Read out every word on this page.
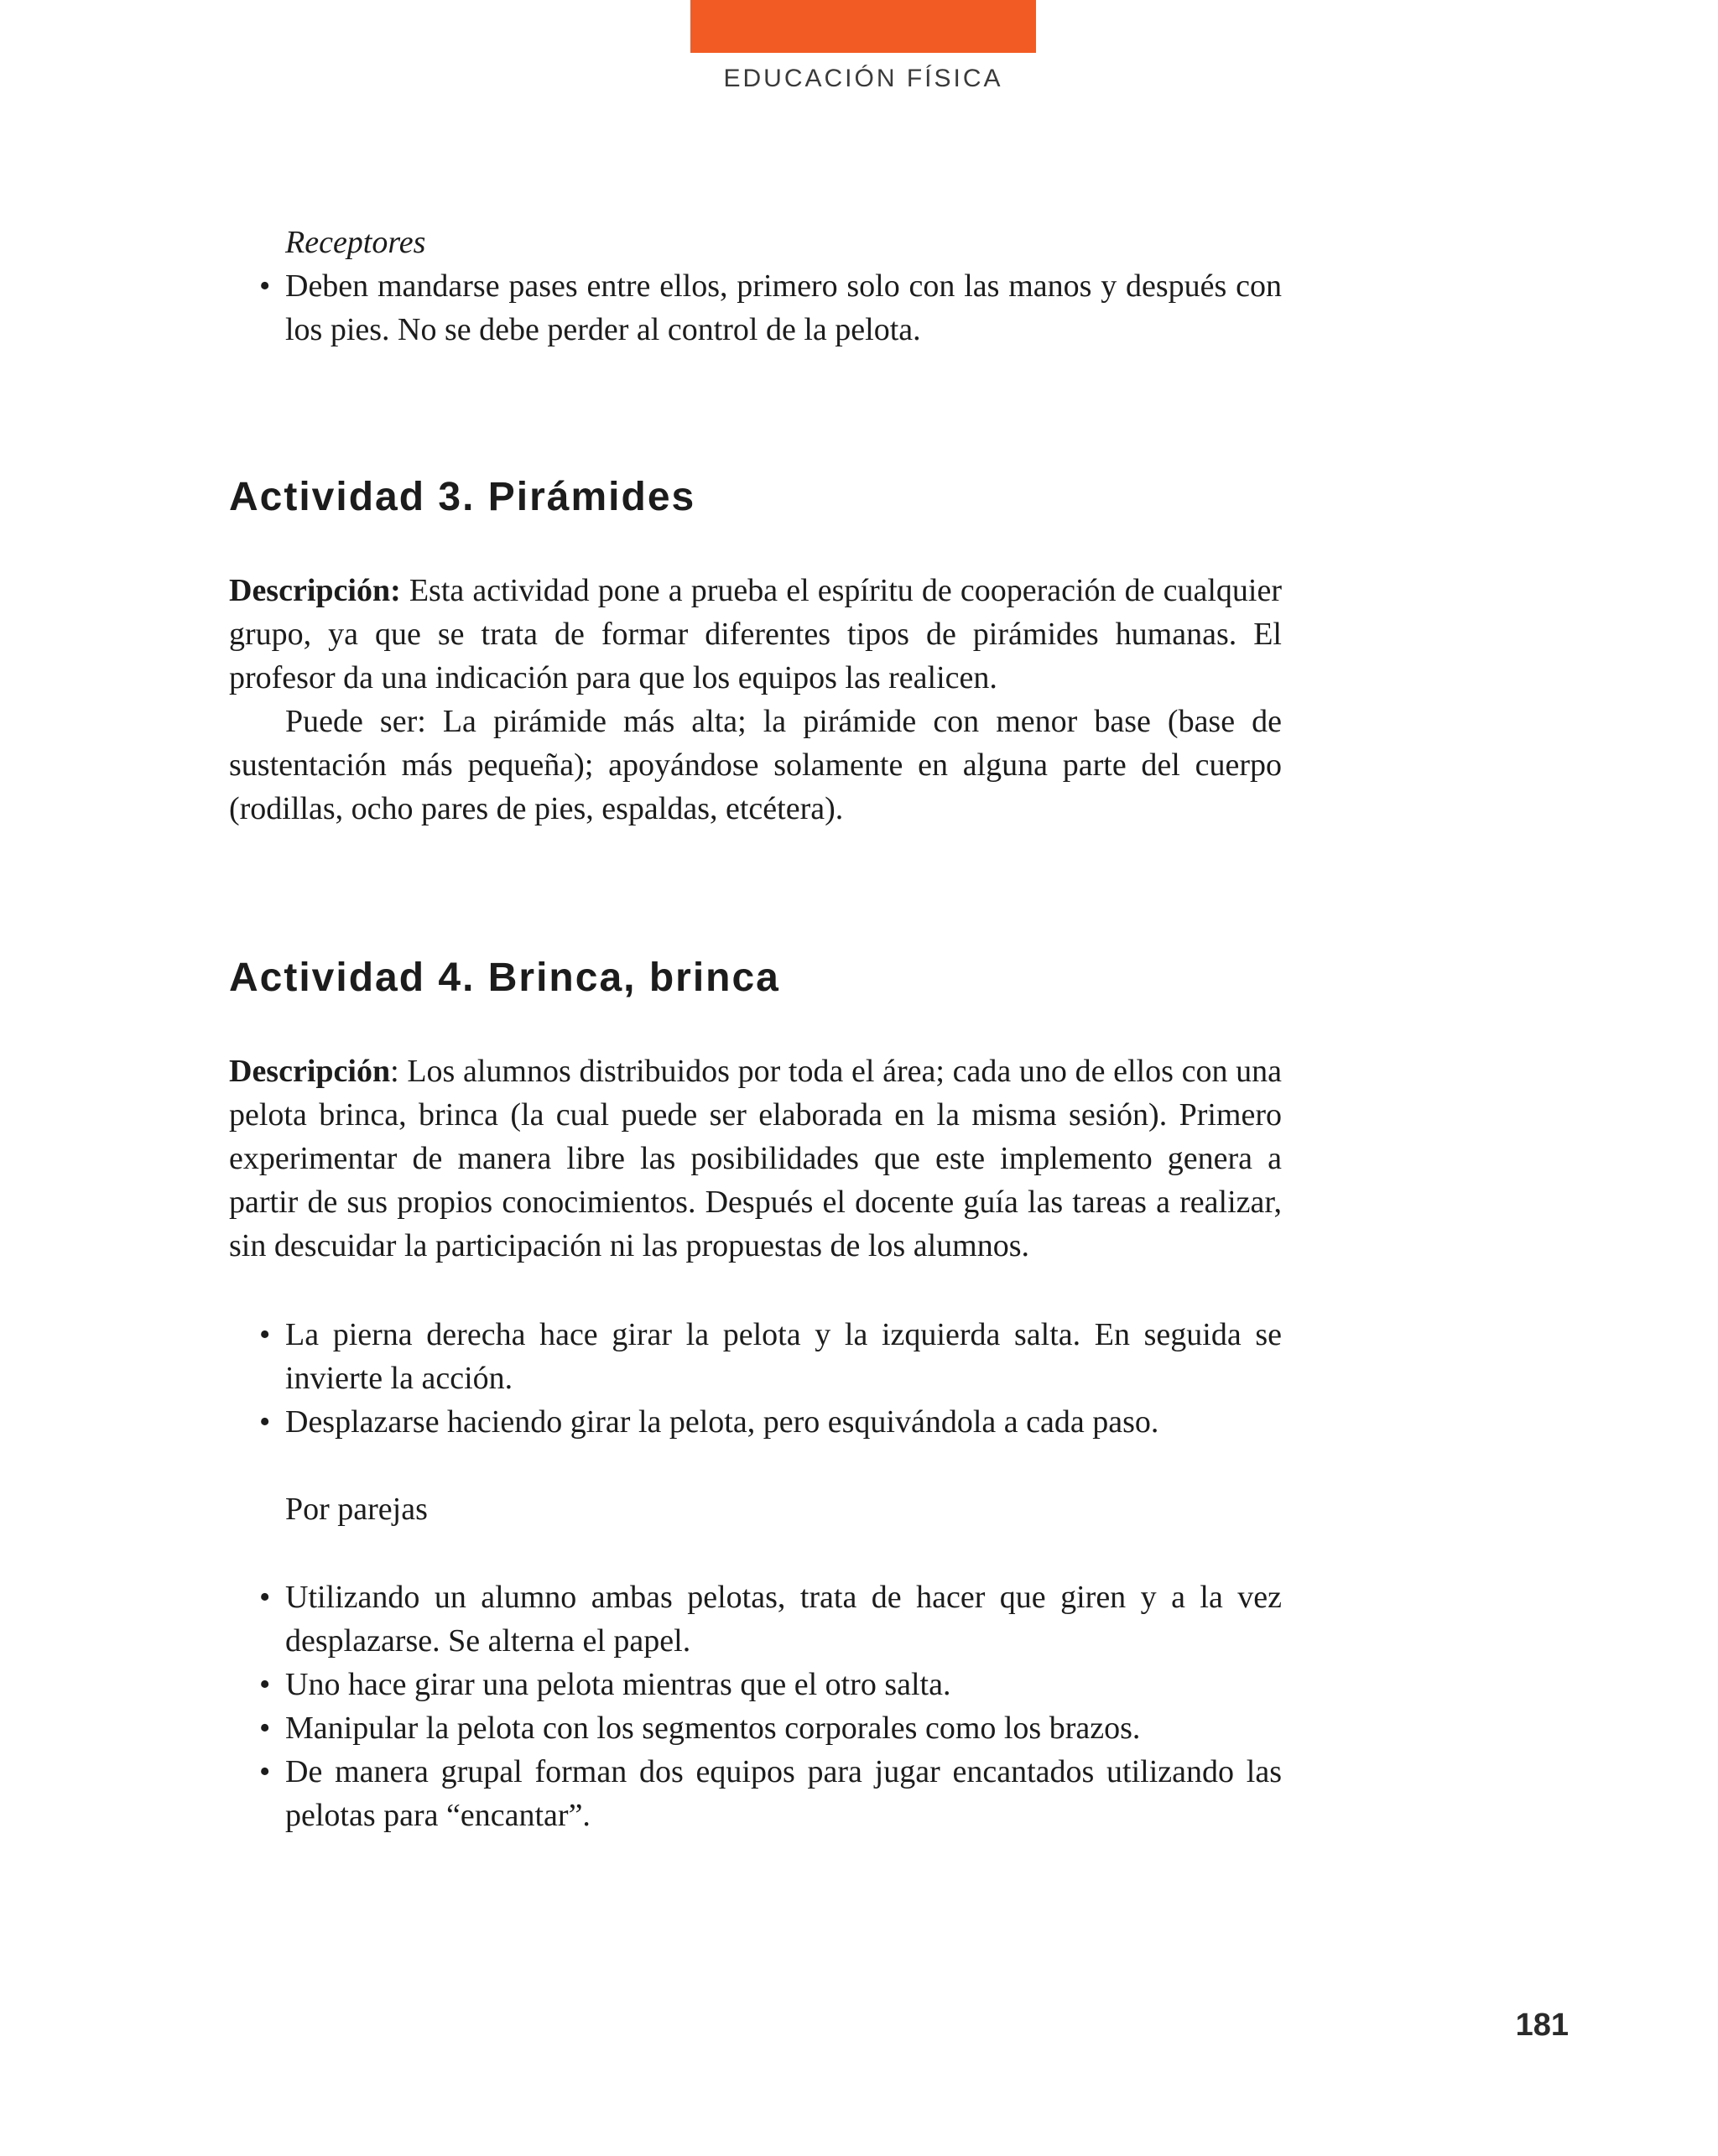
EDUCACIÓN FÍSICA
Receptores
• Deben mandarse pases entre ellos, primero solo con las manos y después con los pies. No se debe perder al control de la pelota.
Actividad 3. Pirámides

Descripción: Esta actividad pone a prueba el espíritu de cooperación de cualquier grupo, ya que se trata de formar diferentes tipos de pirámides humanas. El profesor da una indicación para que los equipos las realicen.

Puede ser: La pirámide más alta; la pirámide con menor base (base de sustentación más pequeña); apoyándose solamente en alguna parte del cuerpo (rodillas, ocho pares de pies, espaldas, etcétera).

Actividad 4. Brinca, brinca

Descripción: Los alumnos distribuidos por toda el área; cada uno de ellos con una pelota brinca, brinca (la cual puede ser elaborada en la misma sesión). Primero experimentar de manera libre las posibilidades que este implemento genera a partir de sus propios conocimientos. Después el docente guía las tareas a realizar, sin descuidar la participación ni las propuestas de los alumnos.

• La pierna derecha hace girar la pelota y la izquierda salta. En seguida se invierte la acción.
• Desplazarse haciendo girar la pelota, pero esquivándola a cada paso.
Por parejas
• Utilizando un alumno ambas pelotas, trata de hacer que giren y a la vez desplazarse. Se alterna el papel.
• Uno hace girar una pelota mientras que el otro salta.
• Manipular la pelota con los segmentos corporales como los brazos.
• De manera grupal forman dos equipos para jugar encantados utilizando las pelotas para “encantar”.
181
